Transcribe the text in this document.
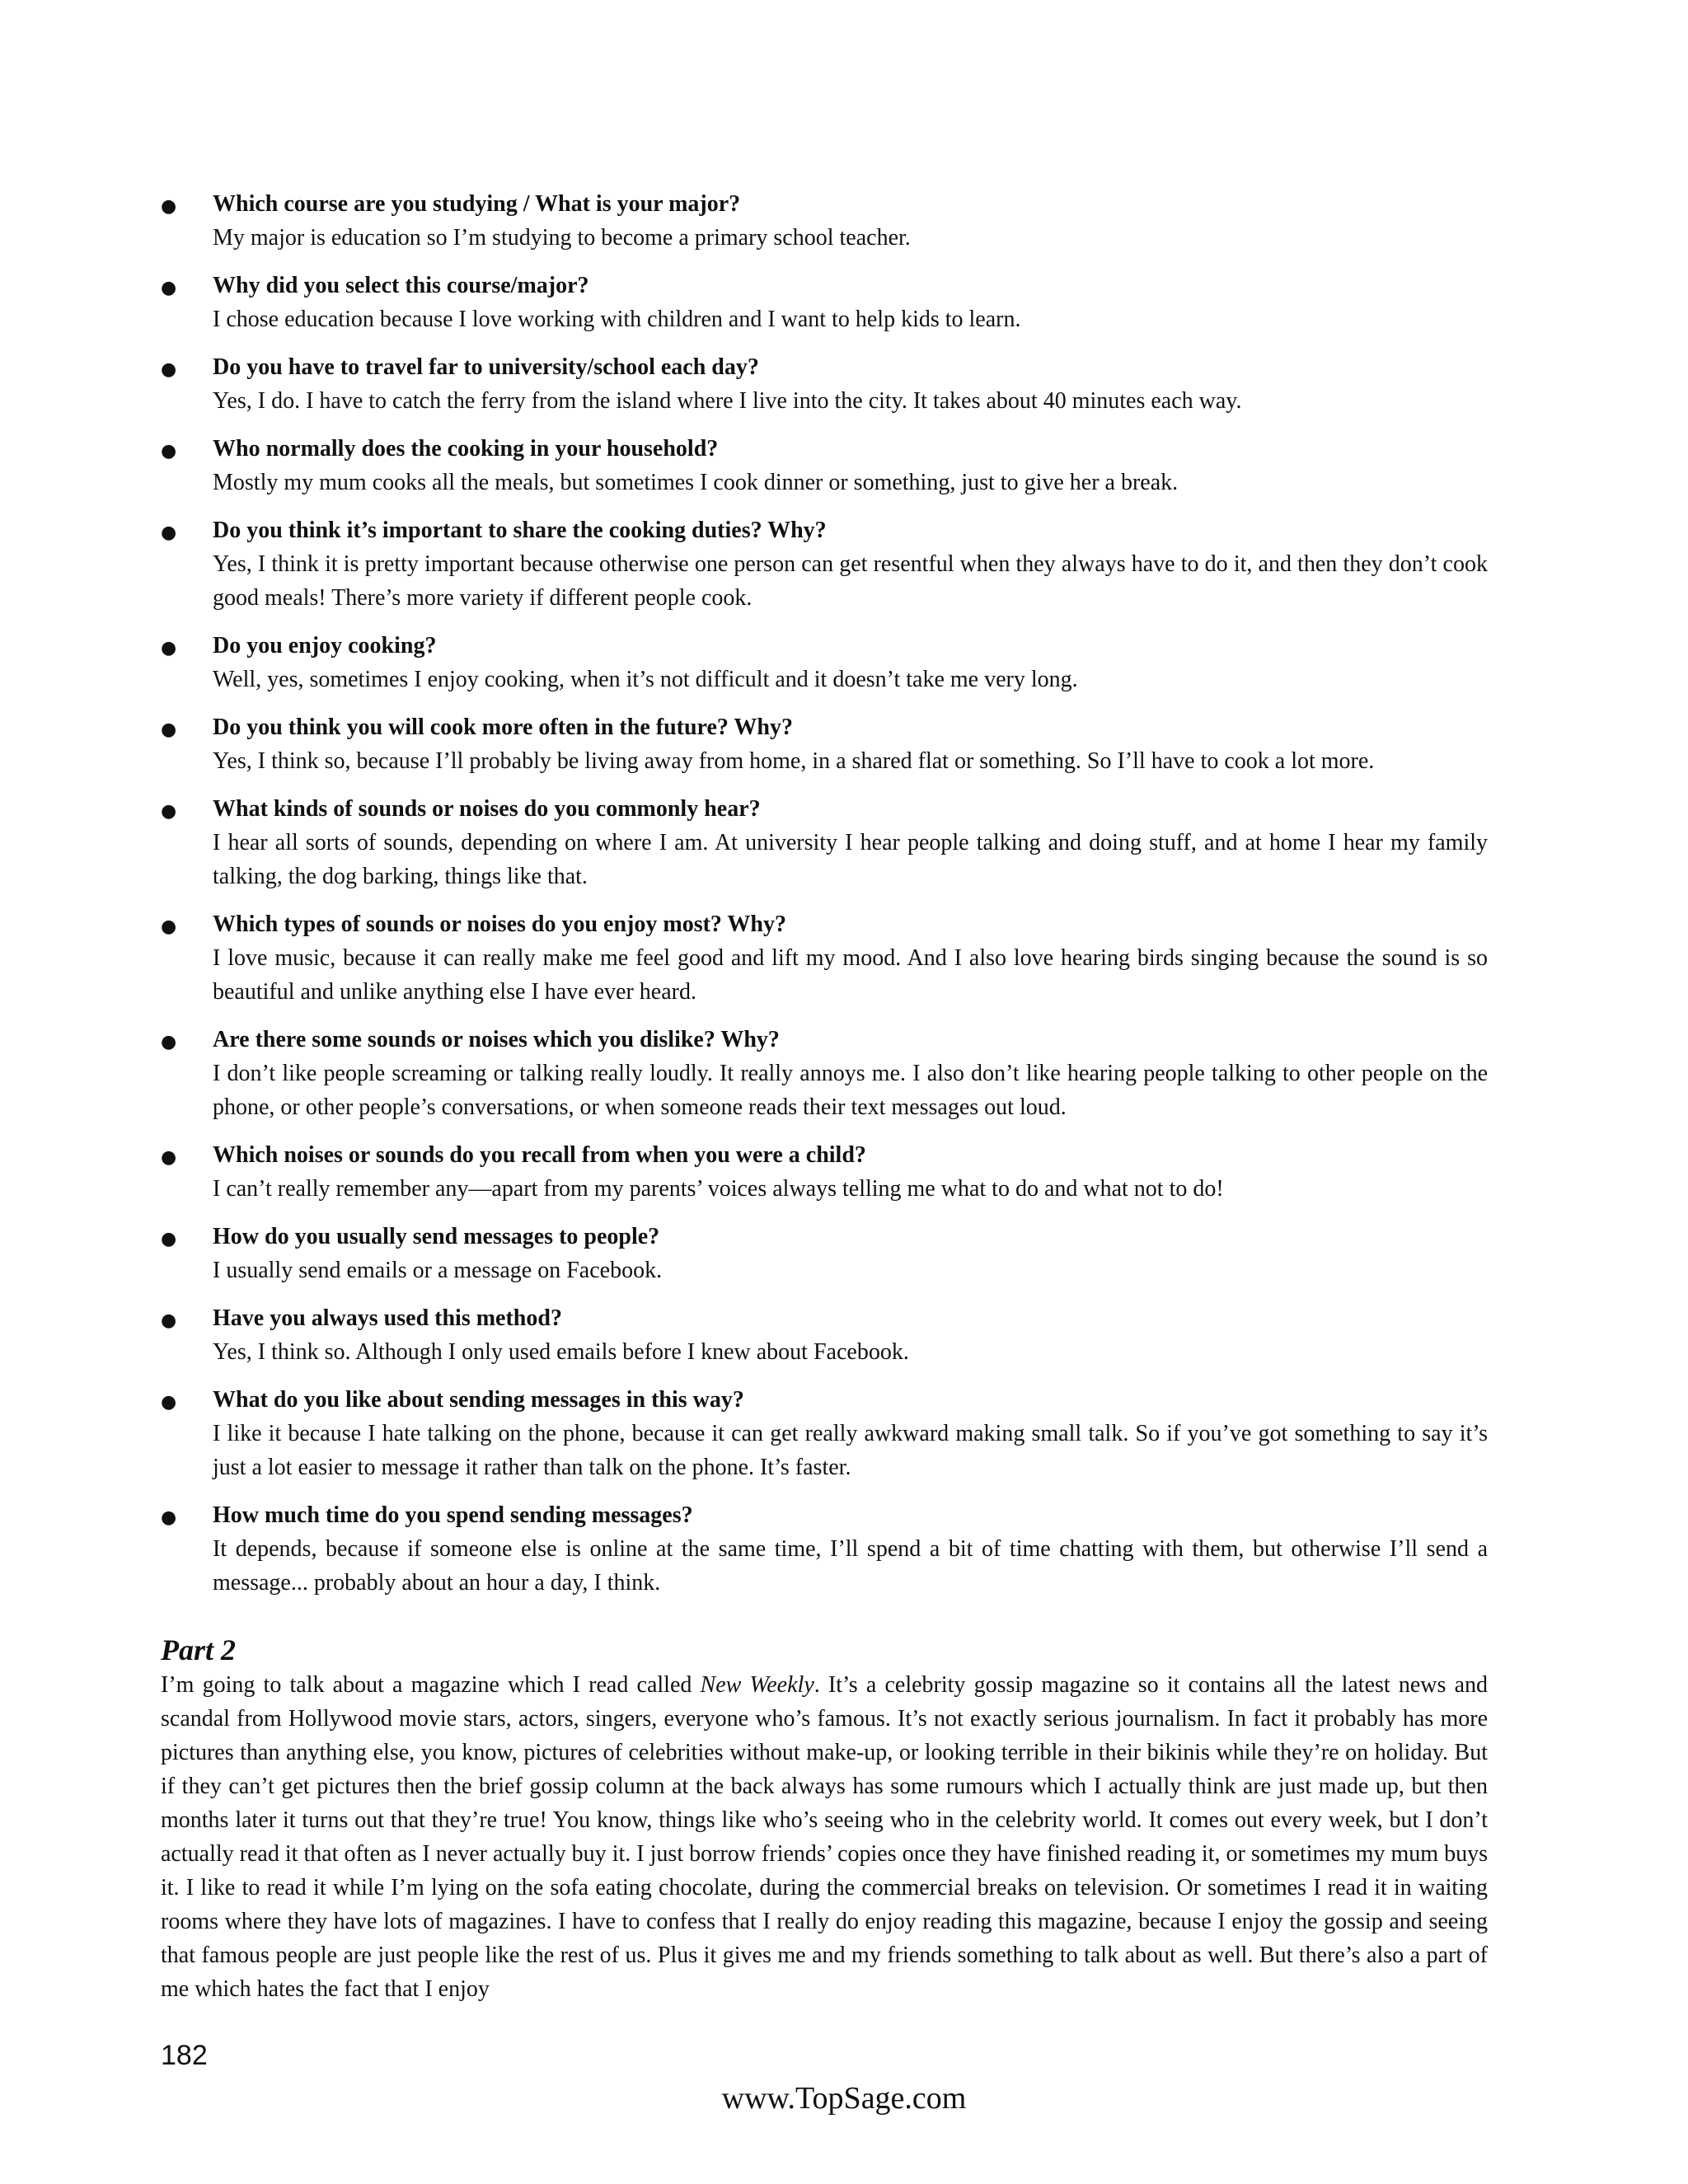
● Which course are you studying / What is your major?

My major is education so I’m studying to become a primary school teacher.

● Why did you select this course/major?

I chose education because I love working with children and I want to help kids to learn.

● Do you have to travel far to university/school each day?

Yes, I do. I have to catch the ferry from the island where I live into the city. It takes about 40 minutes each way.

● Who normally does the cooking in your household?

Mostly my mum cooks all the meals, but sometimes I cook dinner or something, just to give her a break.

● Do you think it’s important to share the cooking duties? Why?

Yes, I think it is pretty important because otherwise one person can get resentful when they always have to do it, and then they don’t cook good meals! There’s more variety if different people cook.

● Do you enjoy cooking?

Well, yes, sometimes I enjoy cooking, when it’s not difficult and it doesn’t take me very long.

● Do you think you will cook more often in the future? Why?

Yes, I think so, because I’ll probably be living away from home, in a shared flat or something. So I’ll have to cook a lot more.

● What kinds of sounds or noises do you commonly hear?

I hear all sorts of sounds, depending on where I am. At university I hear people talking and doing stuff, and at home I hear my family talking, the dog barking, things like that.

● Which types of sounds or noises do you enjoy most? Why?

I love music, because it can really make me feel good and lift my mood. And I also love hearing birds singing because the sound is so beautiful and unlike anything else I have ever heard.

● Are there some sounds or noises which you dislike? Why?

I don’t like people screaming or talking really loudly. It really annoys me. I also don’t like hearing people talking to other people on the phone, or other people’s conversations, or when someone reads their text messages out loud.

● Which noises or sounds do you recall from when you were a child?

I can’t really remember any—apart from my parents’ voices always telling me what to do and what not to do!

● How do you usually send messages to people?

I usually send emails or a message on Facebook.

● Have you always used this method?

Yes, I think so. Although I only used emails before I knew about Facebook.

● What do you like about sending messages in this way?

I like it because I hate talking on the phone, because it can get really awkward making small talk. So if you’ve got something to say it’s just a lot easier to message it rather than talk on the phone. It’s faster.

● How much time do you spend sending messages?

It depends, because if someone else is online at the same time, I’ll spend a bit of time chatting with them, but otherwise I’ll send a message... probably about an hour a day, I think.

Part 2

I’m going to talk about a magazine which I read called New Weekly. It’s a celebrity gossip magazine so it contains all the latest news and scandal from Hollywood movie stars, actors, singers, everyone who’s famous. It’s not exactly serious journalism. In fact it probably has more pictures than anything else, you know, pictures of celebrities without make-up, or looking terrible in their bikinis while they’re on holiday. But if they can’t get pictures then the brief gossip column at the back always has some rumours which I actually think are just made up, but then months later it turns out that they’re true! You know, things like who’s seeing who in the celebrity world. It comes out every week, but I don’t actually read it that often as I never actually buy it. I just borrow friends’ copies once they have finished reading it, or sometimes my mum buys it. I like to read it while I’m lying on the sofa eating chocolate, during the commercial breaks on television. Or sometimes I read it in waiting rooms where they have lots of magazines. I have to confess that I really do enjoy reading this magazine, because I enjoy the gossip and seeing that famous people are just people like the rest of us. Plus it gives me and my friends something to talk about as well. But there’s also a part of me which hates the fact that I enjoy

182

www.TopSage.com
